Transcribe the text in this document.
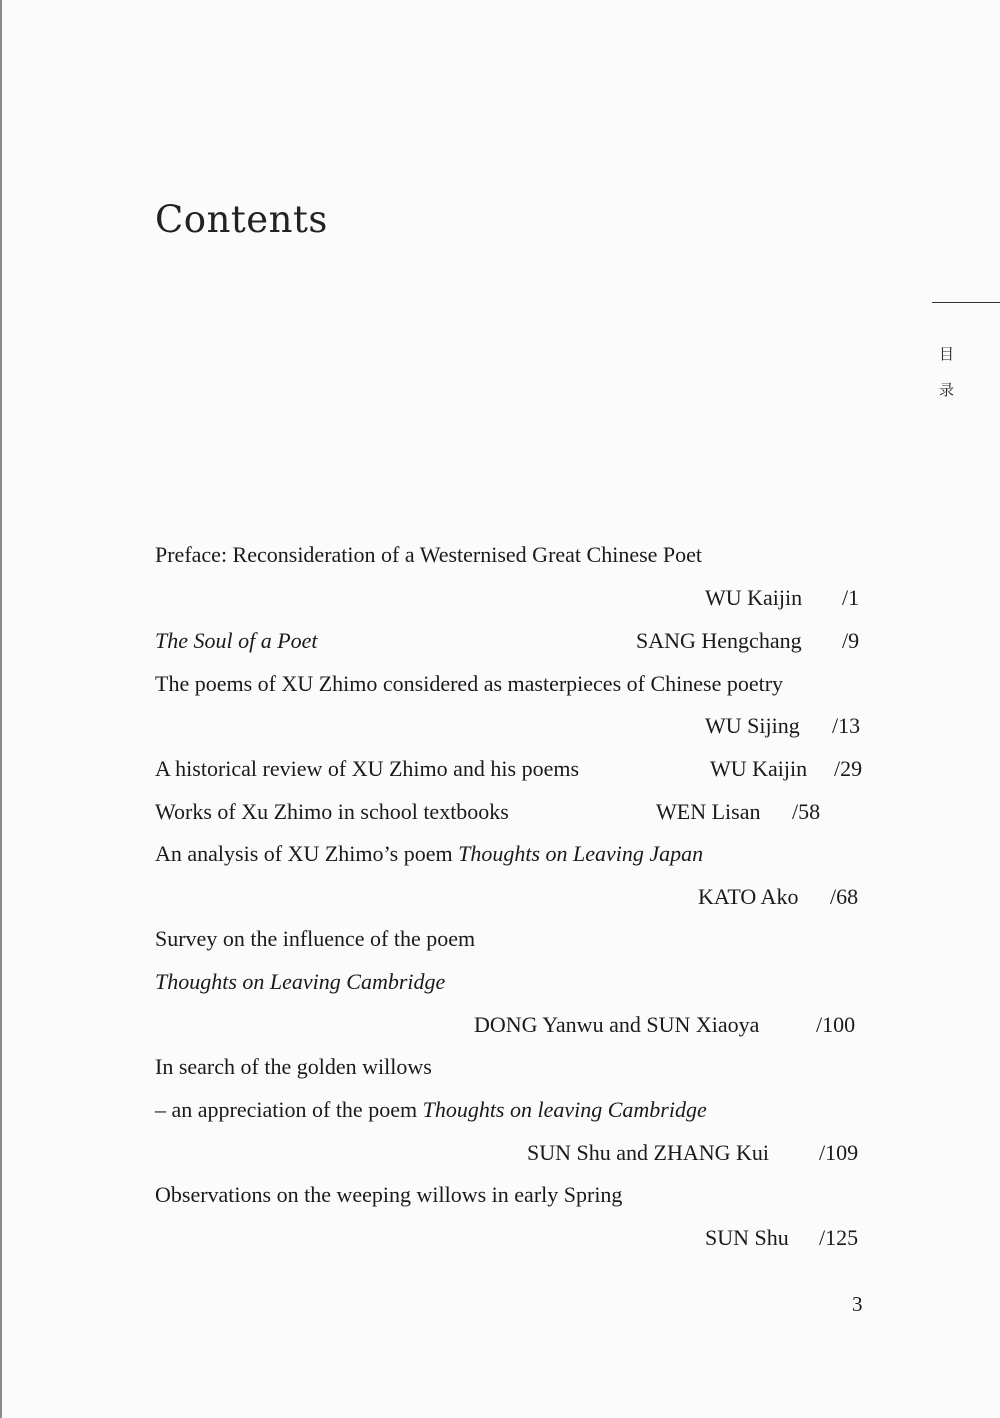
Contents
目
录
Preface: Reconsideration of a Westernised Great Chinese Poet
WU Kaijin /1
The Soul of a Poet	SANG Hengchang /9
The poems of XU Zhimo considered as masterpieces of Chinese poetry
WU Sijing /13
A historical review of XU Zhimo and his poems	WU Kaijin /29
Works of Xu Zhimo in school textbooks	WEN Lisan /58
An analysis of XU Zhimo’s poem Thoughts on Leaving Japan
KATO Ako /68
Survey on the influence of the poem
Thoughts on Leaving Cambridge
DONG Yanwu and SUN Xiaoya	/100
In search of the golden willows
– an appreciation of the poem Thoughts on leaving Cambridge
SUN Shu and ZHANG Kui /109
Observations on the weeping willows in early Spring
SUN Shu /125
3
